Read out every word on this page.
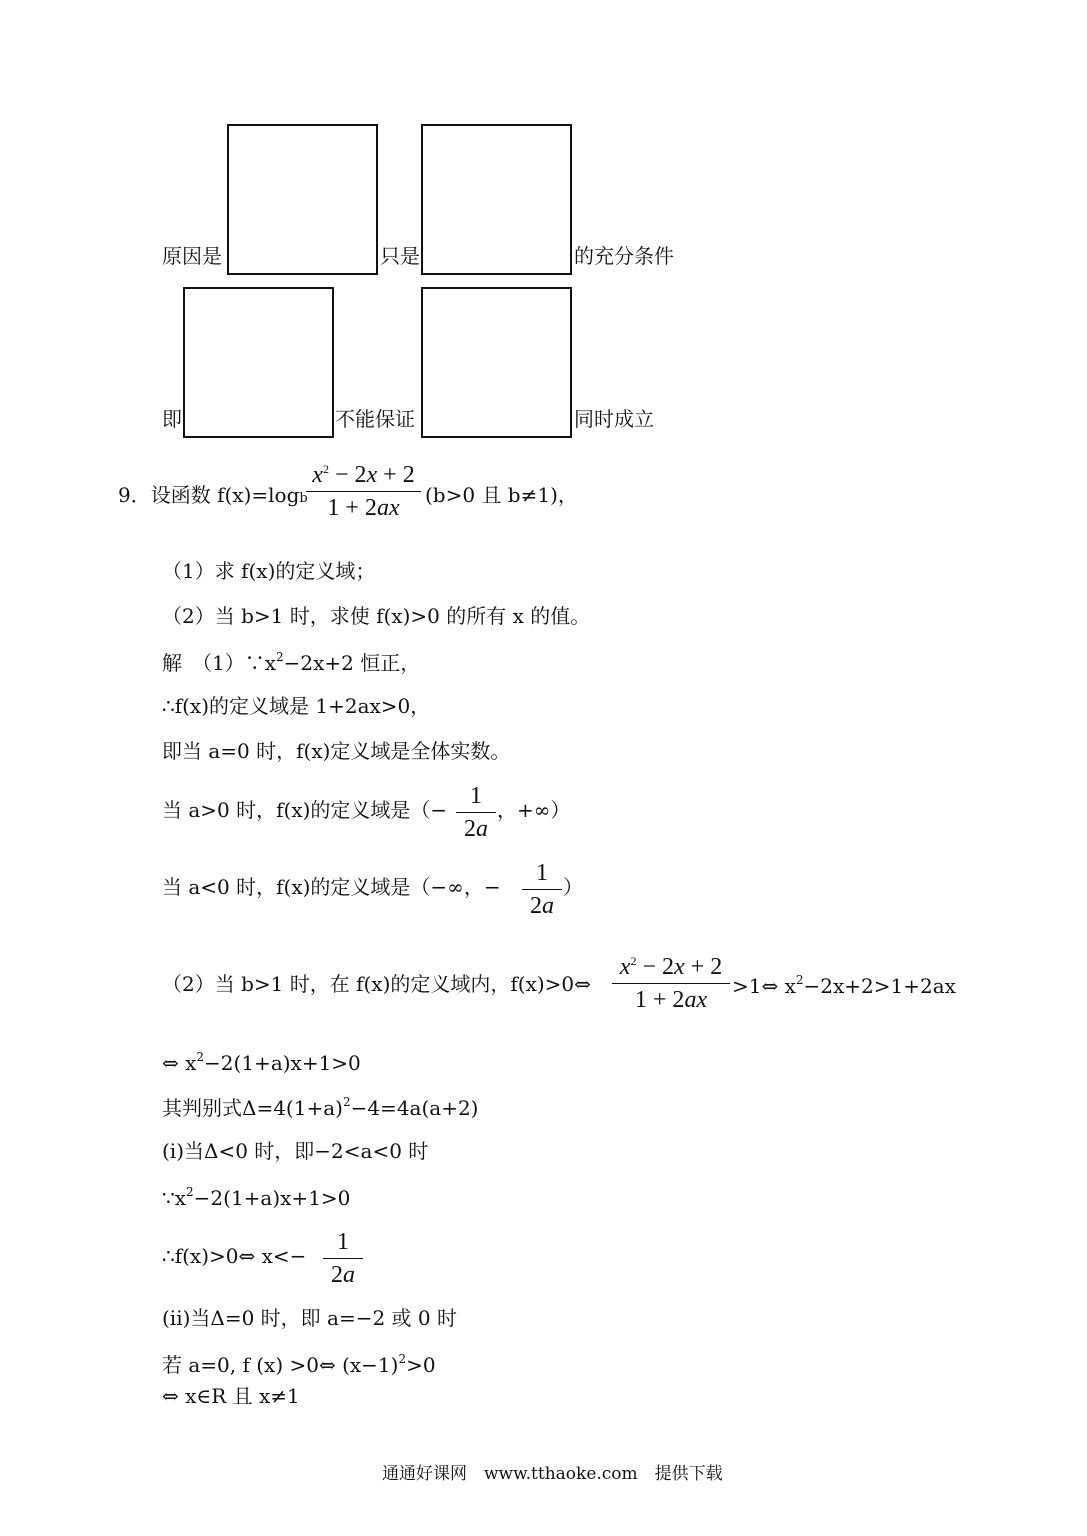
原因是	只是	的充分条件
即	不能保证	同时成立
9．设函数 f(x)=logb
$x^2 - 2x + 2$
1 + 2ax	(b>0 且 b≠1)，
（1）求 f(x)的定义域；
（2）当 b>1 时，求使 f(x)>0 的所有 x 的值。
解　$(1)\because x^2-2x+2$ 恒正，
∴f(x)的定义域是 1+2ax>0，
即当 a=0 时，f(x)定义域是全体实数。
当 a>0 时，f(x)的定义域是（−
1
2a
，+∞）
当 a<0 时，f(x)的定义域是（−∞，−
1
2a
）
（2）当 b>1 时，在 f(x)的定义域内，f(x)>0⇔
$x^2 - 2x + 2$
1 + 2ax
>1⇔ $x^2-2x+2>1+2ax$
⇔ $x^2-2(1+a)x+1>0$
其判别式$\Delta=4(1+a)^2-4=4a(a+2)$
(i)当Δ<0 时，即−2<a<0 时
$\because x^2-2(1+a)x+1>0$
∴f(x)>0⇔ x<−
1
2a
(ii)当Δ=0 时，即 a=−2 或 0 时
若 a=0, f (x) >0⇔ $(x-1)^2>0$
⇔ x∈R 且 x≠1
通通好课网　www.tthaoke.com　提供下载
